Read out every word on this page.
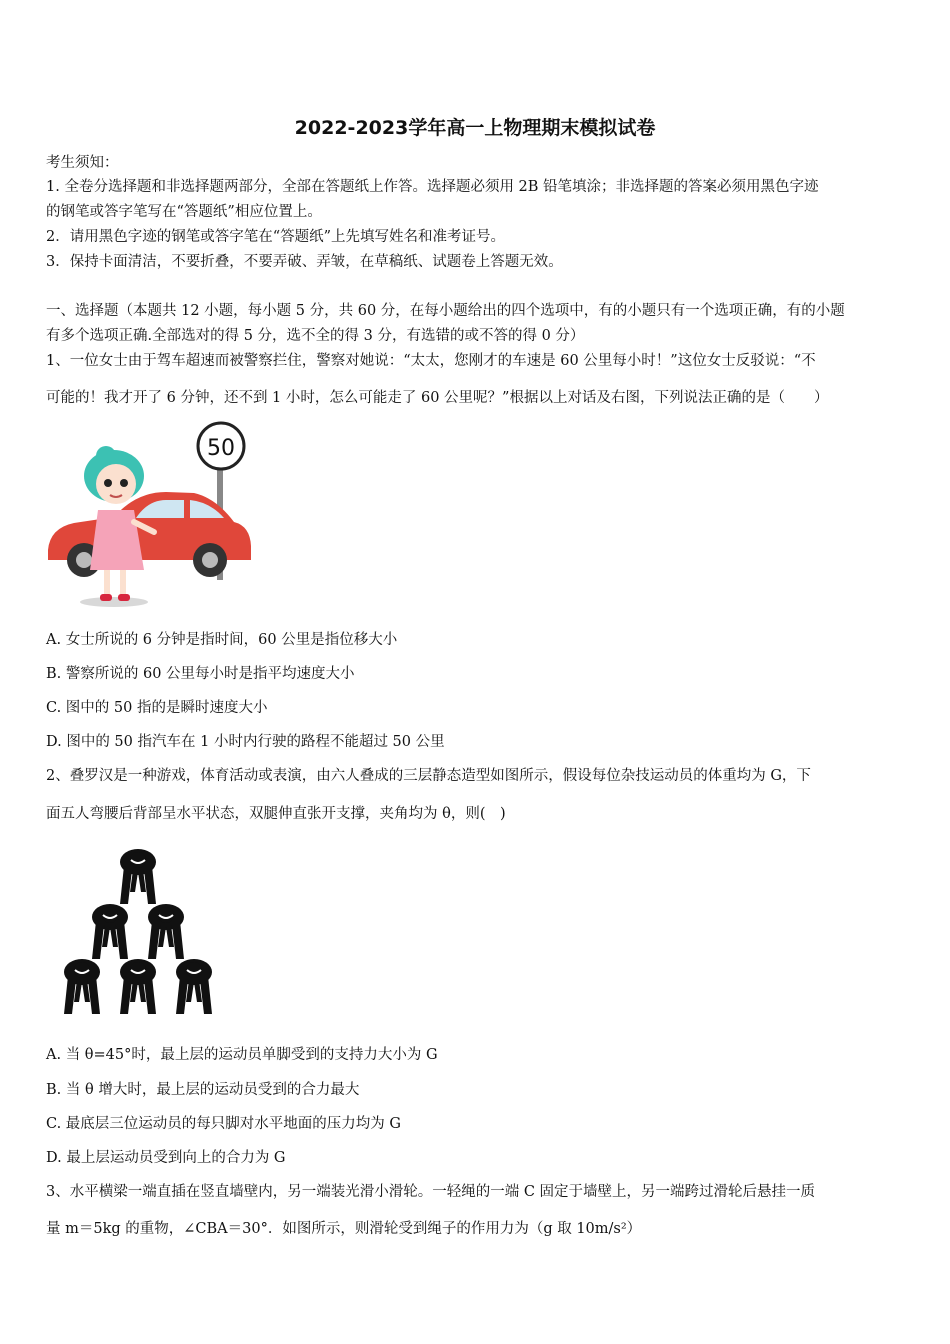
2022-2023学年高一上物理期末模拟试卷
考生须知：
1. 全卷分选择题和非选择题两部分，全部在答题纸上作答。选择题必须用 2B 铅笔填涂；非选择题的答案必须用黑色字迹
的钢笔或答字笔写在“答题纸”相应位置上。
2．请用黑色字迹的钢笔或答字笔在“答题纸”上先填写姓名和准考证号。
3．保持卡面清洁，不要折叠，不要弄破、弄皱，在草稿纸、试题卷上答题无效。
一、选择题（本题共 12 小题，每小题 5 分，共 60 分，在每小题给出的四个选项中，有的小题只有一个选项正确，有的小题
有多个选项正确.全部选对的得 5 分，选不全的得 3 分，有选错的或不答的得 0 分）
1、一位女士由于驾车超速而被警察拦住，警察对她说：“太太，您刚才的车速是 60 公里每小时！”这位女士反驳说：“不
可能的！我才开了 6 分钟，还不到 1 小时，怎么可能走了 60 公里呢？”根据以上对话及右图，下列说法正确的是（　　）
50
A. 女士所说的 6 分钟是指时间，60 公里是指位移大小
B. 警察所说的 60 公里每小时是指平均速度大小
C. 图中的 50 指的是瞬时速度大小
D. 图中的 50 指汽车在 1 小时内行驶的路程不能超过 50 公里
2、叠罗汉是一种游戏，体育活动或表演，由六人叠成的三层静态造型如图所示，假设每位杂技运动员的体重均为 G，下
面五人弯腰后背部呈水平状态，双腿伸直张开支撑，夹角均为 θ，则(　)
A. 当 θ=45°时，最上层的运动员单脚受到的支持力大小为 G
B. 当 θ 增大时，最上层的运动员受到的合力最大
C. 最底层三位运动员的每只脚对水平地面的压力均为 G
D. 最上层运动员受到向上的合力为 G
3、水平横梁一端直插在竖直墙壁内，另一端装光滑小滑轮。一轻绳的一端 C 固定于墙壁上，另一端跨过滑轮后悬挂一质
量 m＝5kg 的重物，∠CBA＝30°．如图所示，则滑轮受到绳子的作用力为（g 取 10m/s²）
